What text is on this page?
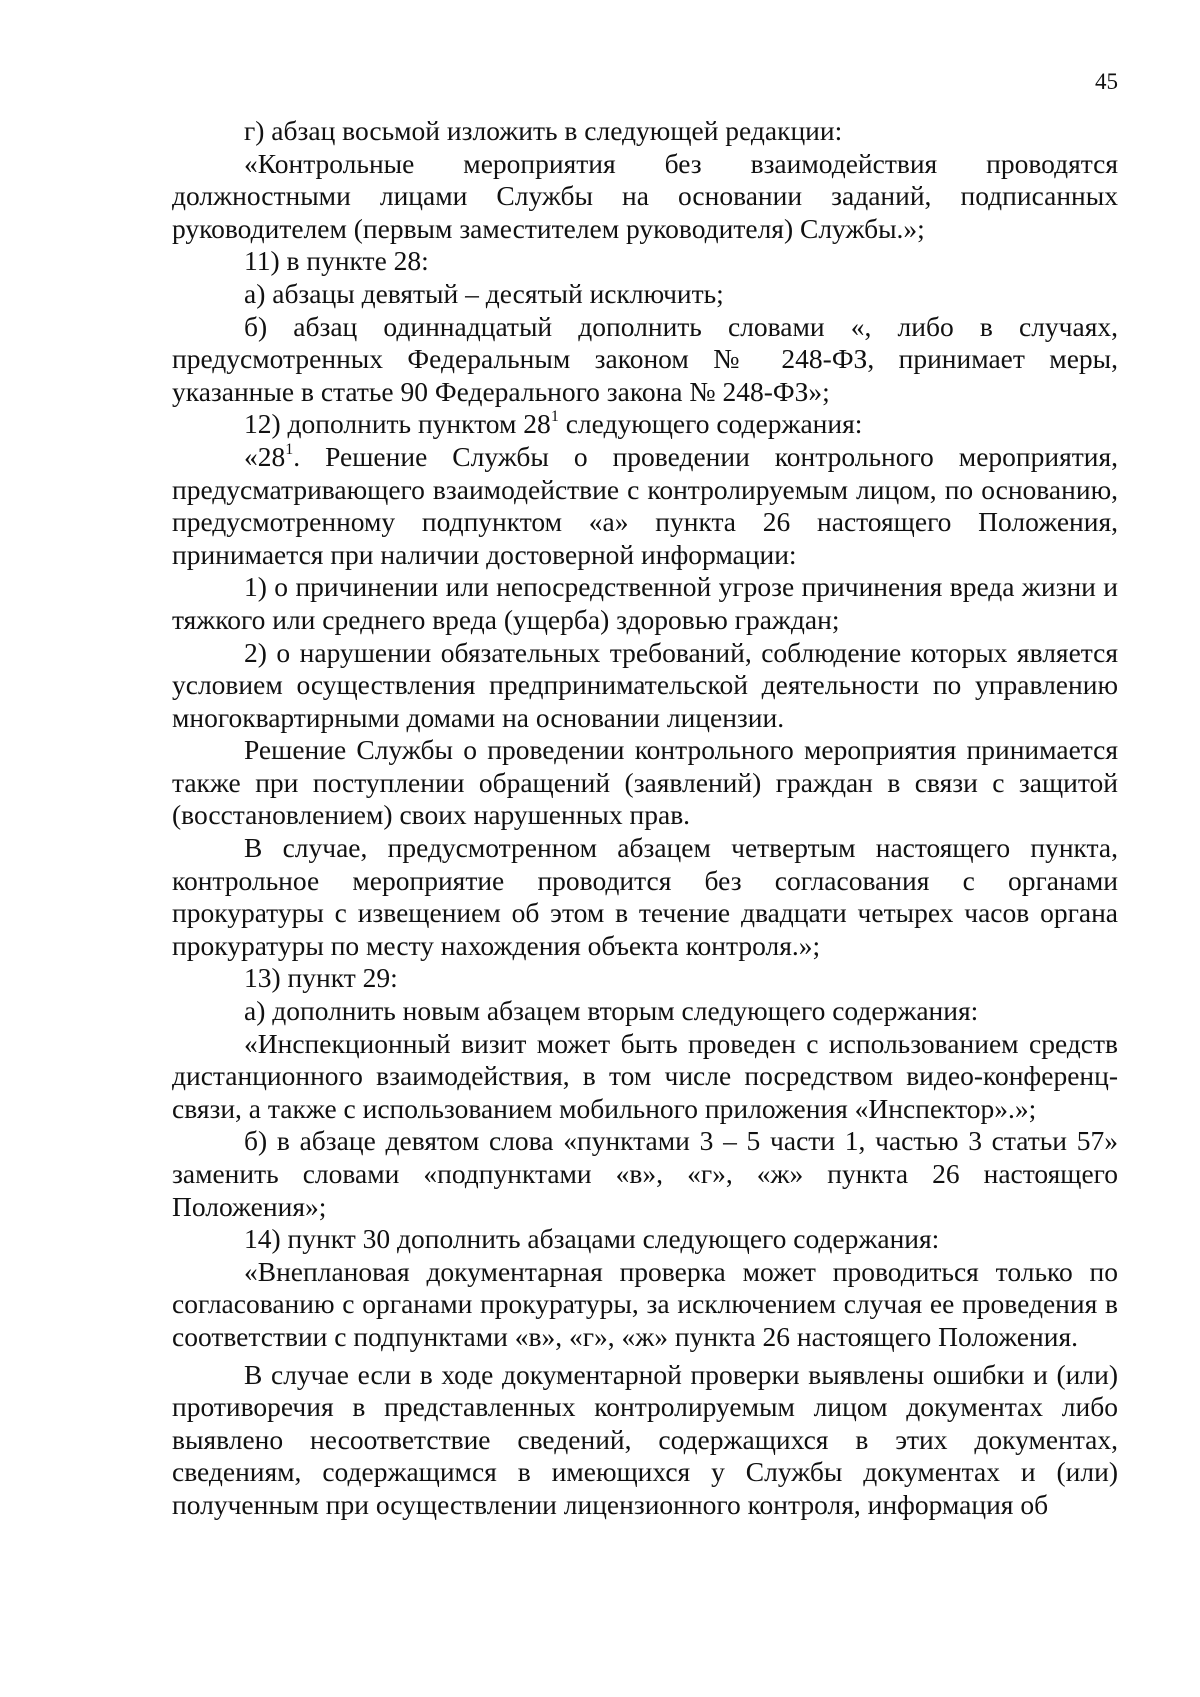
45

г) абзац восьмой изложить в следующей редакции:

«Контрольные мероприятия без взаимодействия проводятся должностными лицами Службы на основании заданий, подписанных руководителем (первым заместителем руководителя) Службы.»;

11) в пункте 28:

а) абзацы девятый – десятый исключить;

б) абзац одиннадцатый дополнить словами «, либо в случаях, предусмотренных Федеральным законом № 248-ФЗ, принимает меры, указанные в статье 90 Федерального закона № 248-ФЗ»;

12) дополнить пунктом $28^1$ следующего содержания:

«$28^1$. Решение Службы о проведении контрольного мероприятия, предусматривающего взаимодействие с контролируемым лицом, по основанию, предусмотренному подпунктом «а» пункта 26 настоящего Положения, принимается при наличии достоверной информации:

1) о причинении или непосредственной угрозе причинения вреда жизни и тяжкого или среднего вреда (ущерба) здоровью граждан;

2) о нарушении обязательных требований, соблюдение которых является условием осуществления предпринимательской деятельности по управлению многоквартирными домами на основании лицензии.

Решение Службы о проведении контрольного мероприятия принимается также при поступлении обращений (заявлений) граждан в связи с защитой (восстановлением) своих нарушенных прав.

В случае, предусмотренном абзацем четвертым настоящего пункта, контрольное мероприятие проводится без согласования с органами прокуратуры с извещением об этом в течение двадцати четырех часов органа прокуратуры по месту нахождения объекта контроля.»;

13) пункт 29:

а) дополнить новым абзацем вторым следующего содержания:

«Инспекционный визит может быть проведен с использованием средств дистанционного взаимодействия, в том числе посредством видео-конференц-связи, а также с использованием мобильного приложения «Инспектор».»;

б) в абзаце девятом слова «пунктами 3 – 5 части 1, частью 3 статьи 57» заменить словами «подпунктами «в», «г», «ж» пункта 26 настоящего Положения»;

14) пункт 30 дополнить абзацами следующего содержания:

«Внеплановая документарная проверка может проводиться только по согласованию с органами прокуратуры, за исключением случая ее проведения в соответствии с подпунктами «в», «г», «ж» пункта 26 настоящего Положения.

В случае если в ходе документарной проверки выявлены ошибки и (или) противоречия в представленных контролируемым лицом документах либо выявлено несоответствие сведений, содержащихся в этих документах, сведениям, содержащимся в имеющихся у Службы документах и (или) полученным при осуществлении лицензионного контроля, информация об
